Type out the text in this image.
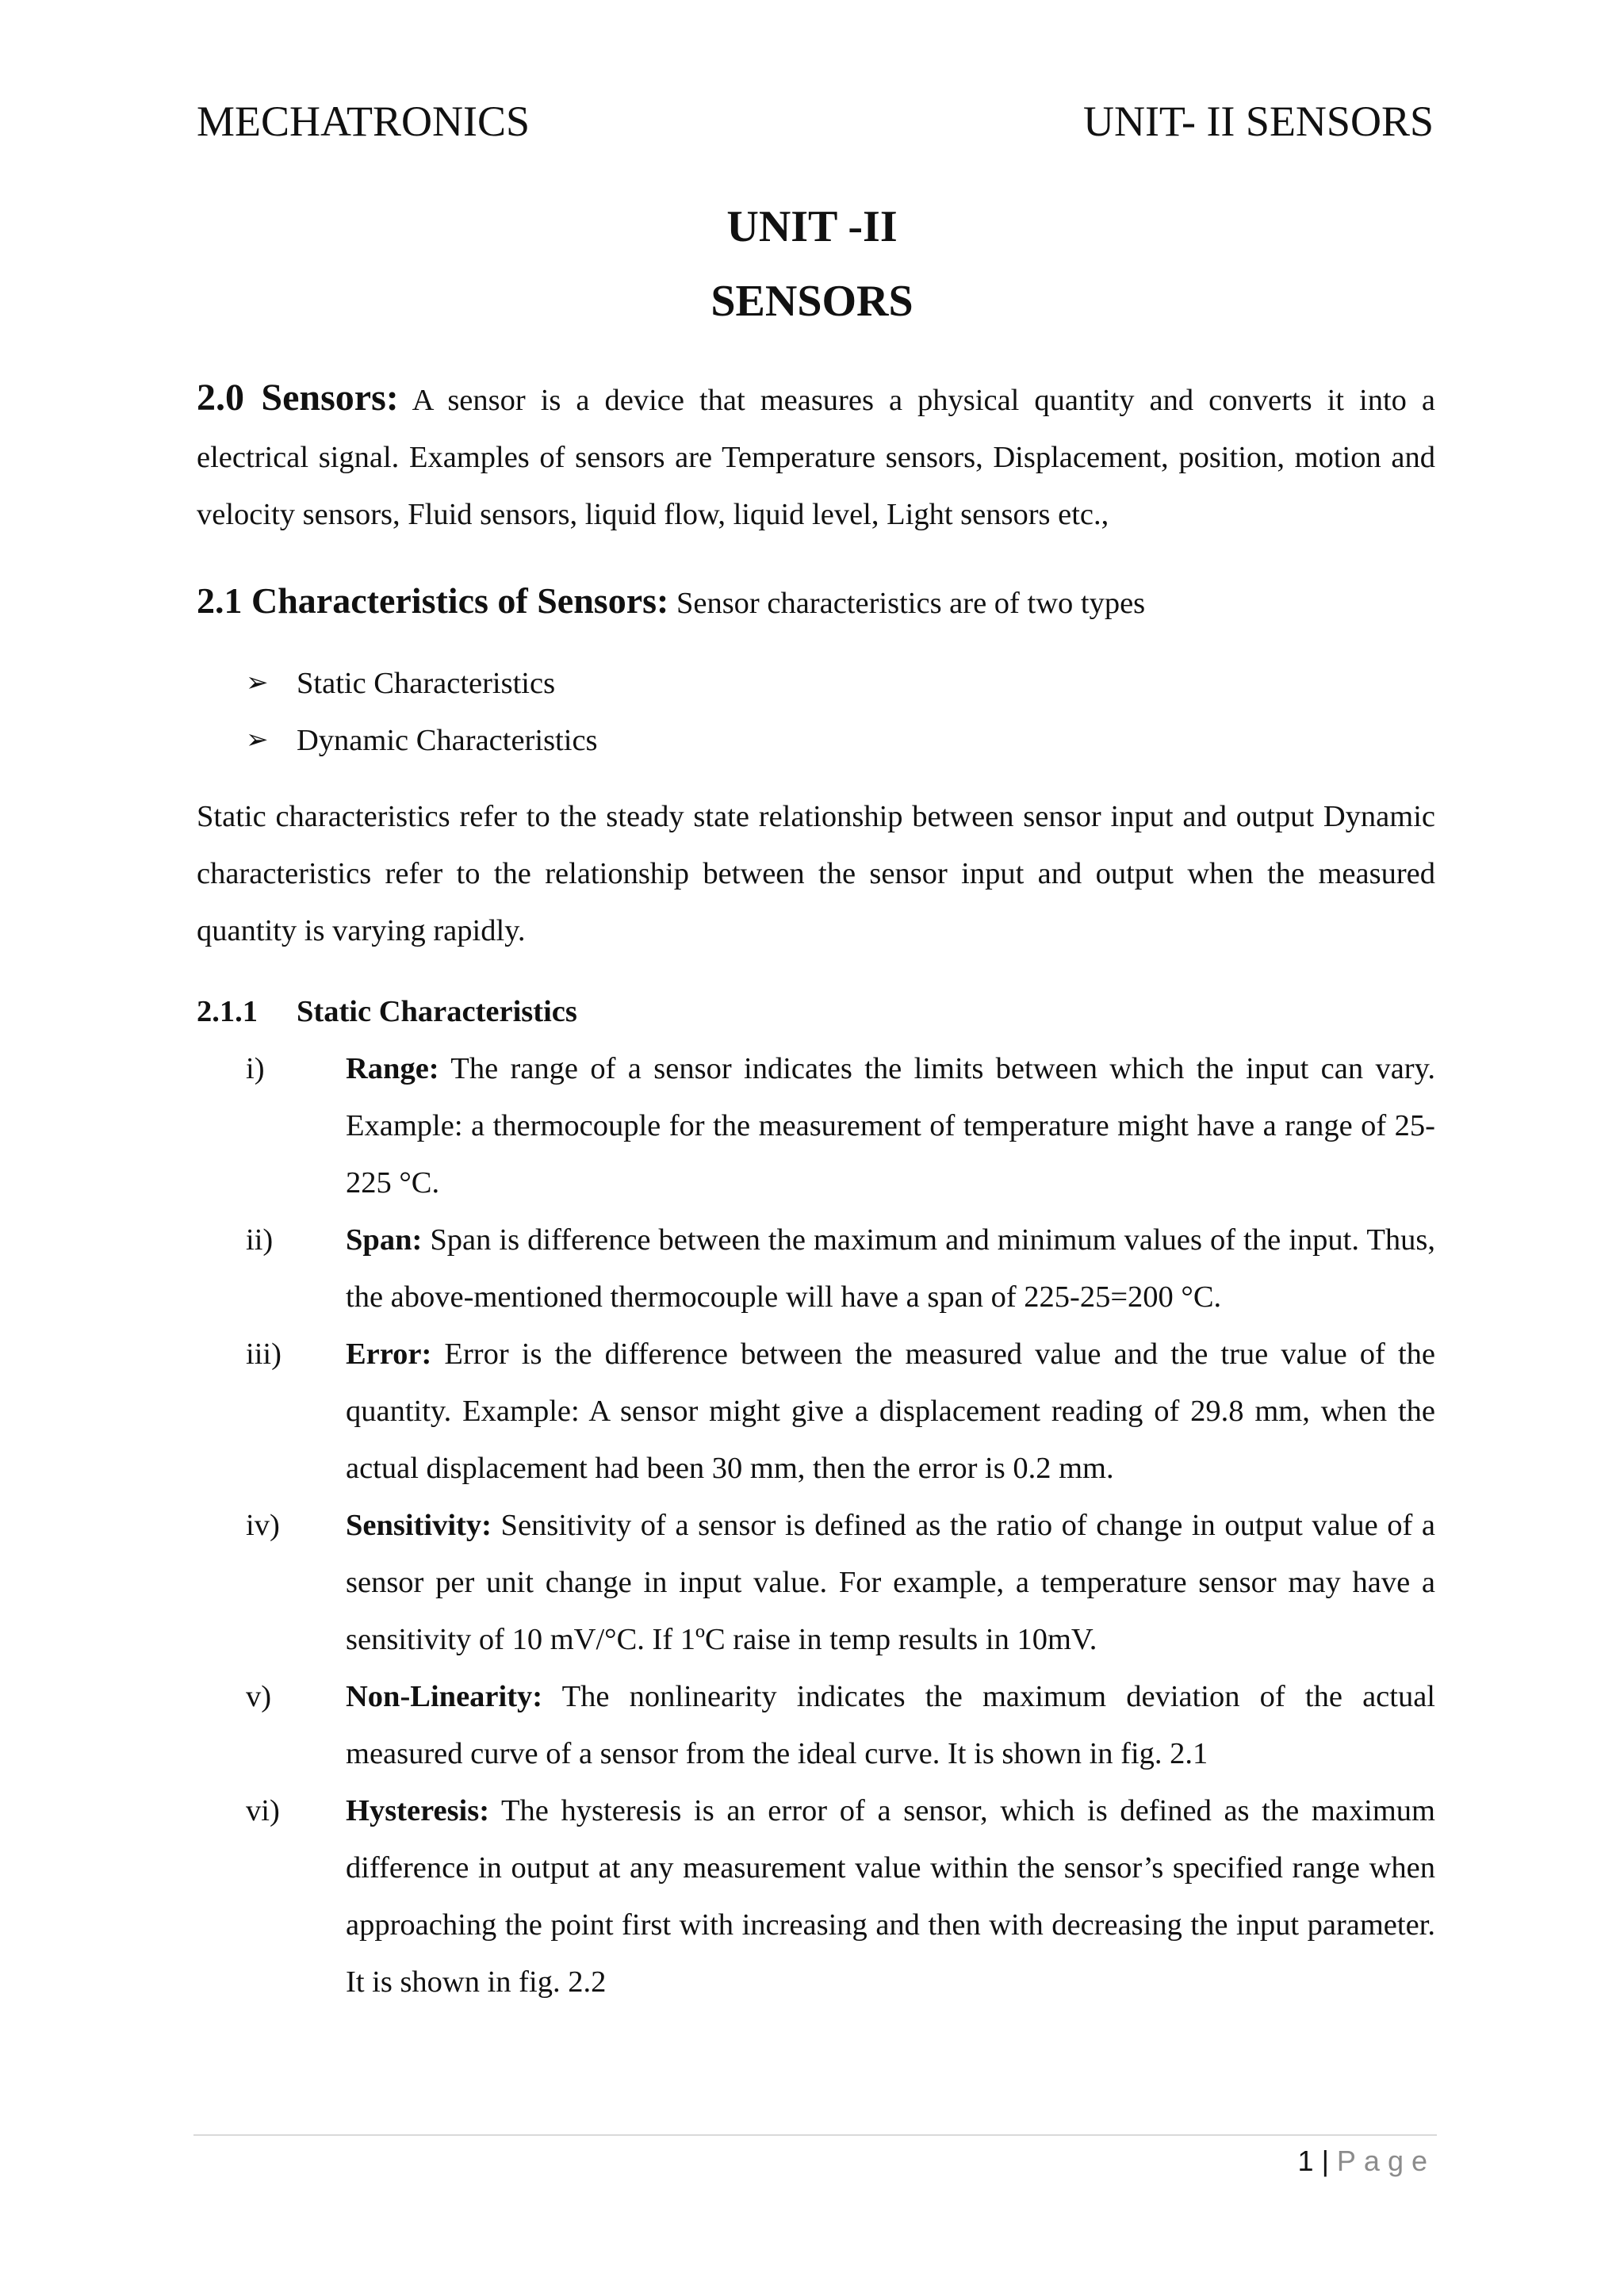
MECHATRONICS	UNIT- II SENSORS
UNIT -II
SENSORS

2.0 Sensors: A sensor is a device that measures a physical quantity and converts it into a electrical signal. Examples of sensors are Temperature sensors, Displacement, position, motion and velocity sensors, Fluid sensors, liquid flow, liquid level, Light sensors etc.,

2.1 Characteristics of Sensors: Sensor characteristics are of two types

➢ Static Characteristics
➢ Dynamic Characteristics

Static characteristics refer to the steady state relationship between sensor input and output Dynamic characteristics refer to the relationship between the sensor input and output when the measured quantity is varying rapidly.

2.1.1	Static Characteristics
i)	Range: The range of a sensor indicates the limits between which the input can vary. Example: a thermocouple for the measurement of temperature might have a range of 25-225 °C.
ii)	Span: Span is difference between the maximum and minimum values of the input. Thus, the above-mentioned thermocouple will have a span of 225-25=200 °C.
iii)	Error: Error is the difference between the measured value and the true value of the quantity. Example: A sensor might give a displacement reading of 29.8 mm, when the actual displacement had been 30 mm, then the error is 0.2 mm.
iv)	Sensitivity: Sensitivity of a sensor is defined as the ratio of change in output value of a sensor per unit change in input value. For example, a temperature sensor may have a sensitivity of 10 mV/°C. If 1ºC raise in temp results in 10mV.
v)	Non-Linearity: The nonlinearity indicates the maximum deviation of the actual measured curve of a sensor from the ideal curve. It is shown in fig. 2.1
vi)	Hysteresis: The hysteresis is an error of a sensor, which is defined as the maximum difference in output at any measurement value within the sensor’s specified range when approaching the point first with increasing and then with decreasing the input parameter. It is shown in fig. 2.2
1 | Page
